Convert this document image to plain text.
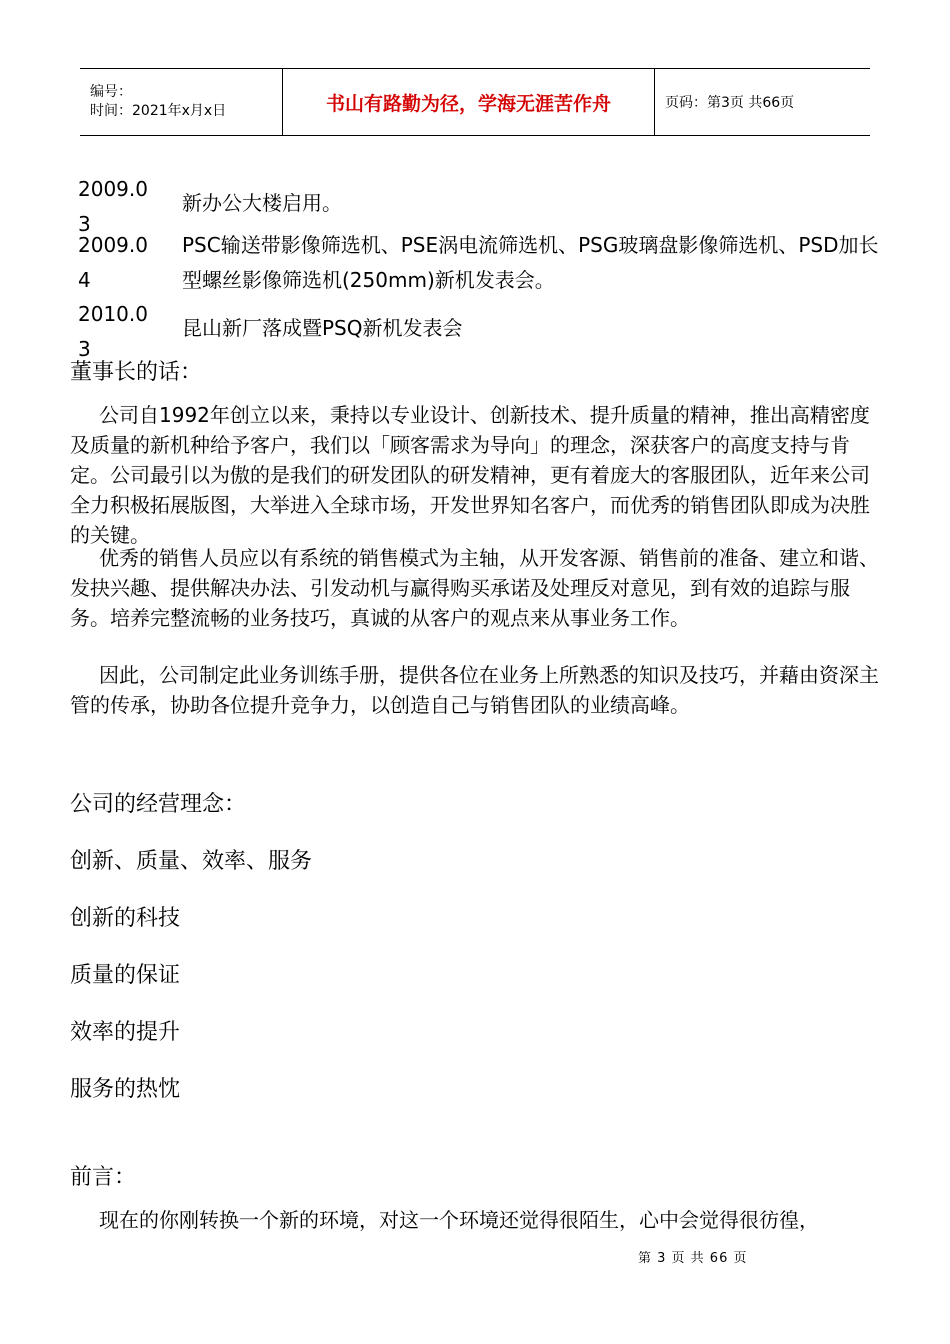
编号：
时间：2021年x月x日	书山有路勤为径，学海无涯苦作舟	页码：第3页 共66页
2009.03
新办公大楼启用。
2009.04
PSC输送带影像筛选机、PSE涡电流筛选机、PSG玻璃盘影像筛选机、PSD加长型螺丝影像筛选机(250mm)新机发表会。
2010.03
昆山新厂落成暨PSQ新机发表会
董事长的话：

公司自1992年创立以来，秉持以专业设计、创新技术、提升质量的精神，推出高精密度及质量的新机种给予客户，我们以「顾客需求为导向」的理念，深获客户的高度支持与肯定。公司最引以为傲的是我们的研发团队的研发精神，更有着庞大的客服团队，近年来公司全力积极拓展版图，大举进入全球市场，开发世界知名客户，而优秀的销售团队即成为决胜的关键。

优秀的销售人员应以有系统的销售模式为主轴，从开发客源、销售前的准备、建立和谐、发抉兴趣、提供解决办法、引发动机与赢得购买承诺及处理反对意见，到有效的追踪与服务。培养完整流畅的业务技巧，真诚的从客户的观点来从事业务工作。

因此，公司制定此业务训练手册，提供各位在业务上所熟悉的知识及技巧，并藉由资深主管的传承，协助各位提升竞争力，以创造自己与销售团队的业绩高峰。

公司的经营理念：
创新、质量、效率、服务
创新的科技
质量的保证
效率的提升
服务的热忱
前言：

现在的你刚转换一个新的环境，对这一个环境还觉得很陌生，心中会觉得很彷徨，

第 3 页 共 66 页
